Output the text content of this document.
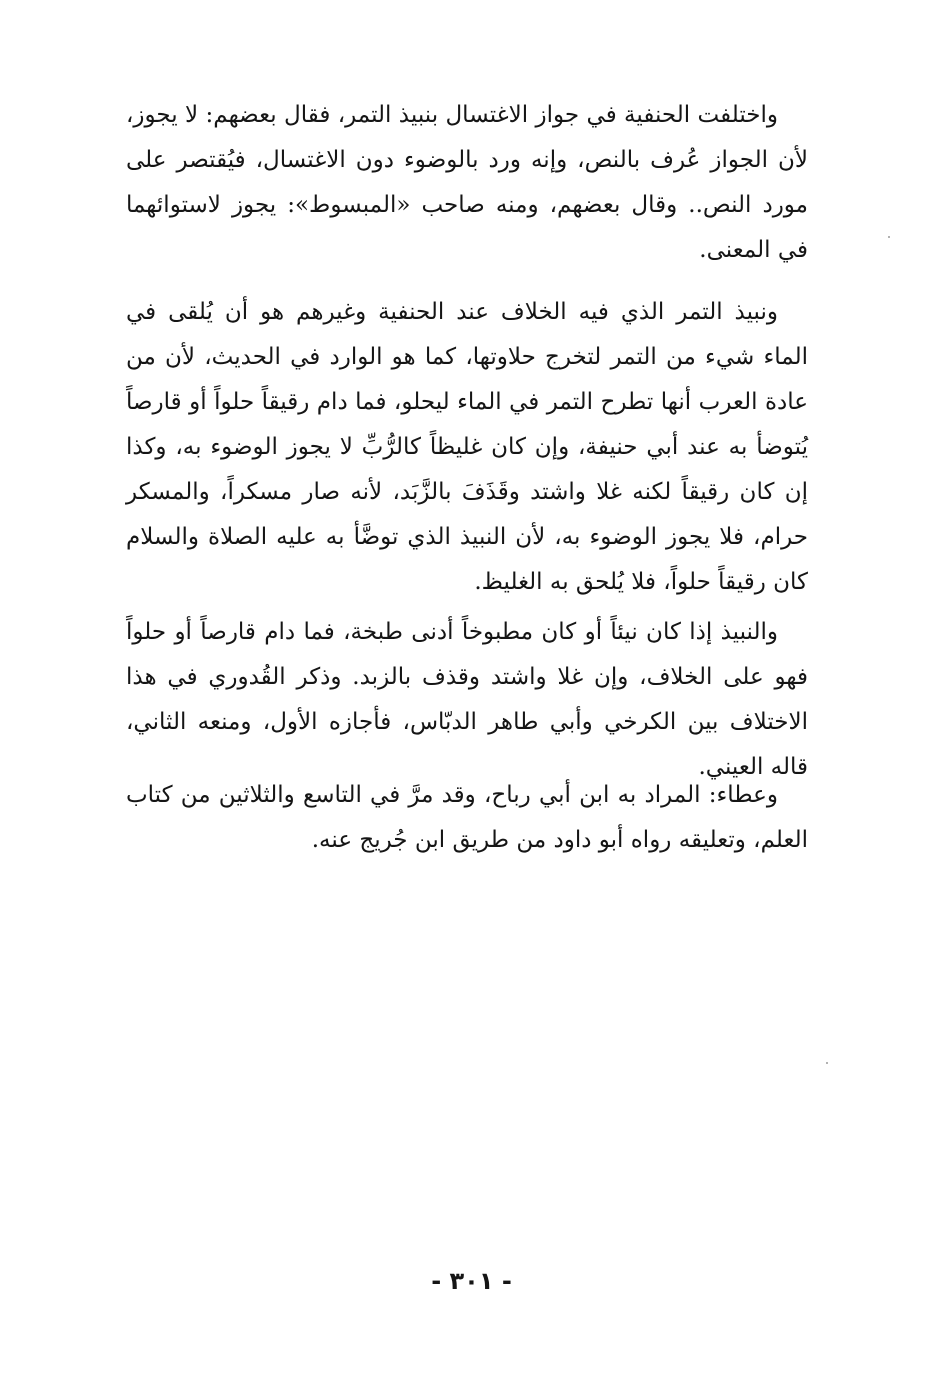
واختلفت الحنفية في جواز الاغتسال بنبيذ التمر، فقال بعضهم: لا يجوز، لأن الجواز عُرف بالنص، وإنه ورد بالوضوء دون الاغتسال، فيُقتصر على مورد النص.. وقال بعضهم، ومنه صاحب «المبسوط»: يجوز لاستوائهما في المعنى.

ونبيذ التمر الذي فيه الخلاف عند الحنفية وغيرهم هو أن يُلقى في الماء شيء من التمر لتخرج حلاوتها، كما هو الوارد في الحديث، لأن من عادة العرب أنها تطرح التمر في الماء ليحلو، فما دام رقيقاً حلواً أو قارصاً يُتوضأ به عند أبي حنيفة، وإن كان غليظاً كالرُّبِّ لا يجوز الوضوء به، وكذا إن كان رقيقاً لكنه غلا واشتد وقَذَفَ بالزَّبَد، لأنه صار مسكراً، والمسكر حرام، فلا يجوز الوضوء به، لأن النبيذ الذي توضَّأ به عليه الصلاة والسلام كان رقيقاً حلواً، فلا يُلحق به الغليظ.

والنبيذ إذا كان نيئاً أو كان مطبوخاً أدنى طبخة، فما دام قارصاً أو حلواً فهو على الخلاف، وإن غلا واشتد وقذف بالزبد. وذكر القُدوري في هذا الاختلاف بين الكرخي وأبي طاهر الدبّاس، فأجازه الأول، ومنعه الثاني، قاله العيني.

وعطاء: المراد به ابن أبي رباح، وقد مرَّ في التاسع والثلاثين من كتاب العلم، وتعليقه رواه أبو داود من طريق ابن جُريج عنه.

- ٣٠١ -
